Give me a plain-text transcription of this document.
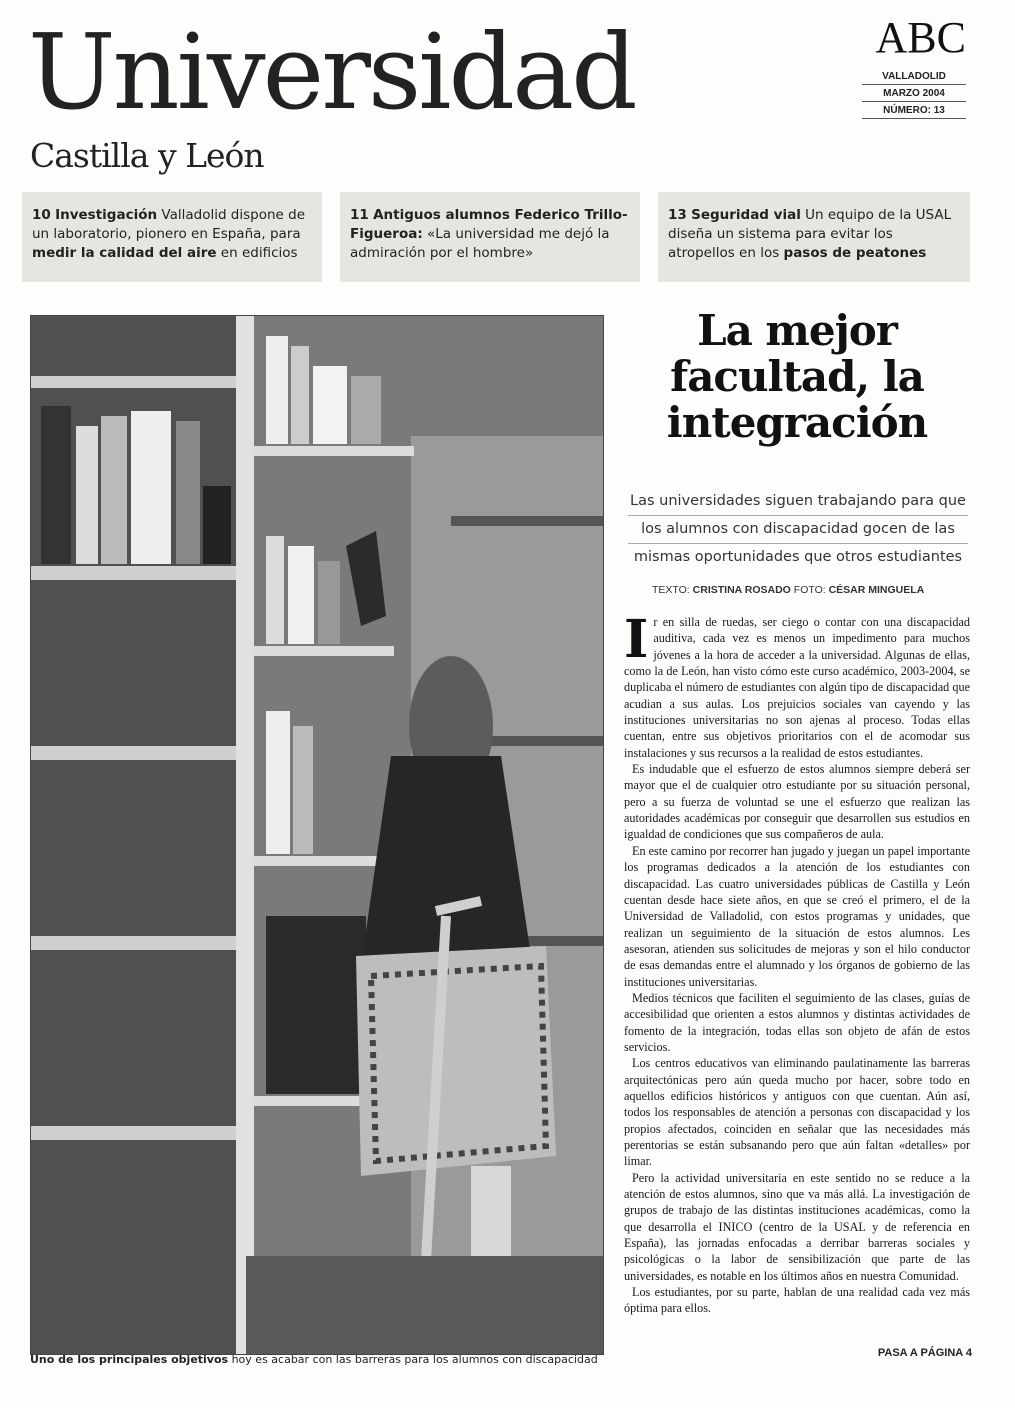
Universidad
Castilla y León
ABC
VALLADOLID
MARZO 2004
NÚMERO: 13
10 Investigación Valladolid dispone de un laboratorio, pionero en España, para medir la calidad del aire en edificios
11 Antiguos alumnos Federico Trillo-Figueroa: «La universidad me dejó la admiración por el hombre»
13 Seguridad vial Un equipo de la USAL diseña un sistema para evitar los atropellos en los pasos de peatones
Uno de los principales objetivos hoy es acabar con las barreras para los alumnos con discapacidad
La mejor
facultad, la
integración
Las universidades siguen trabajando para que
los alumnos con discapacidad gocen de las
mismas oportunidades que otros estudiantes
TEXTO: CRISTINA ROSADO FOTO: CÉSAR MINGUELA

Ir en silla de ruedas, ser ciego o contar con una discapacidad auditiva, cada vez es menos un impedimento para muchos jóvenes a la hora de acceder a la universidad. Algunas de ellas, como la de León, han visto cómo este curso académico, 2003-2004, se duplicaba el número de estudiantes con algún tipo de discapacidad que acudian a sus aulas. Los prejuicios sociales van cayendo y las instituciones universitarias no son ajenas al proceso. Todas ellas cuentan, entre sus objetivos prioritarios con el de acomodar sus instalaciones y sus recursos a la realidad de estos estudiantes.

Es indudable que el esfuerzo de estos alumnos siempre deberá ser mayor que el de cualquier otro estudiante por su situación personal, pero a su fuerza de voluntad se une el esfuerzo que realizan las autoridades académicas por conseguir que desarrollen sus estudios en igualdad de condiciones que sus compañeros de aula.

En este camino por recorrer han jugado y juegan un papel importante los programas dedicados a la atención de los estudiantes con discapacidad. Las cuatro universidades públicas de Castilla y León cuentan desde hace siete años, en que se creó el primero, el de la Universidad de Valladolid, con estos programas y unidades, que realizan un seguimiento de la situación de estos alumnos. Les asesoran, atienden sus solicitudes de mejoras y son el hilo conductor de esas demandas entre el alumnado y los órganos de gobierno de las instituciones universitarias.

Medios técnicos que faciliten el seguimiento de las clases, guías de accesibilidad que orienten a estos alumnos y distintas actividades de fomento de la integración, todas ellas son objeto de afán de estos servicios.

Los centros educativos van eliminando paulatinamente las barreras arquitectónicas pero aún queda mucho por hacer, sobre todo en aquellos edificios históricos y antiguos con que cuentan. Aún así, todos los responsables de atención a personas con discapacidad y los propios afectados, coinciden en señalar que las necesidades más perentorias se están subsanando pero que aún faltan «detalles» por limar.

Pero la actividad universitaria en este sentido no se reduce a la atención de estos alumnos, sino que va más allá. La investigación de grupos de trabajo de las distintas instituciones académicas, como la que desarrolla el INICO (centro de la USAL y de referencia en España), las jornadas enfocadas a derribar barreras sociales y psicológicas o la labor de sensibilización que parte de las universidades, es notable en los últimos años en nuestra Comunidad.

Los estudiantes, por su parte, hablan de una realidad cada vez más óptima para ellos.

PASA A PÁGINA 4
